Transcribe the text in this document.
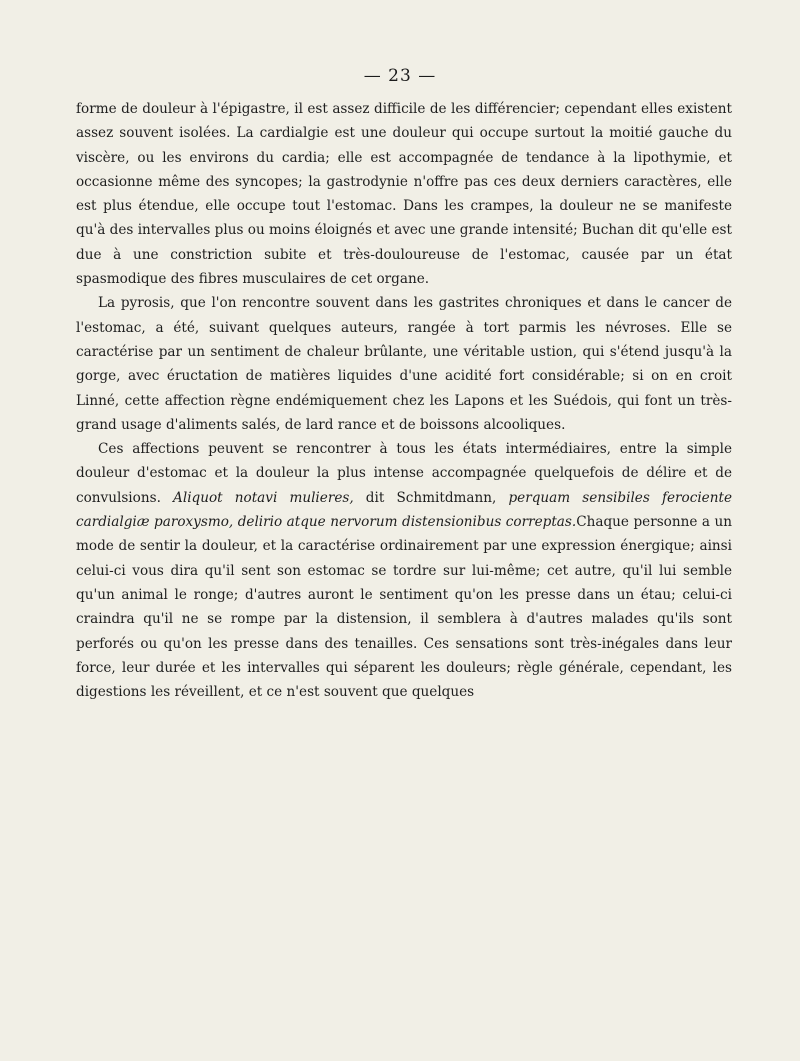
— 23 —

forme de douleur à l'épigastre, il est assez difficile de les différencier; cependant elles existent assez souvent isolées. La cardialgie est une douleur qui occupe surtout la moitié gauche du viscère, ou les environs du cardia; elle est accompagnée de tendance à la lipothymie, et occasionne même des syncopes; la gastrodynie n'offre pas ces deux derniers caractères, elle est plus étendue, elle occupe tout l'estomac. Dans les crampes, la douleur ne se manifeste qu'à des intervalles plus ou moins éloignés et avec une grande intensité; Buchan dit qu'elle est due à une constriction subite et très-douloureuse de l'estomac, causée par un état spasmodique des fibres musculaires de cet organe.

La pyrosis, que l'on rencontre souvent dans les gastrites chroniques et dans le cancer de l'estomac, a été, suivant quelques auteurs, rangée à tort parmis les névroses. Elle se caractérise par un sentiment de chaleur brûlante, une véritable ustion, qui s'étend jusqu'à la gorge, avec éructation de matières liquides d'une acidité fort considérable; si on en croit Linné, cette affection règne endémiquement chez les Lapons et les Suédois, qui font un très-grand usage d'aliments salés, de lard rance et de boissons alcooliques.

Ces affections peuvent se rencontrer à tous les états intermédiaires, entre la simple douleur d'estomac et la douleur la plus intense accompagnée quelquefois de délire et de convulsions. Aliquot notavi mulieres, dit Schmitdmann, perquam sensibiles ferociente cardialgiæ paroxysmo, delirio atque nervorum distensionibus correptas.Chaque personne a un mode de sentir la douleur, et la caractérise ordinairement par une expression énergique; ainsi celui-ci vous dira qu'il sent son estomac se tordre sur lui-même; cet autre, qu'il lui semble qu'un animal le ronge; d'autres auront le sentiment qu'on les presse dans un étau; celui-ci craindra qu'il ne se rompe par la distension, il semblera à d'autres malades qu'ils sont perforés ou qu'on les presse dans des tenailles. Ces sensations sont très-inégales dans leur force, leur durée et les intervalles qui séparent les douleurs; règle générale, cependant, les digestions les réveillent, et ce n'est souvent que quelques
